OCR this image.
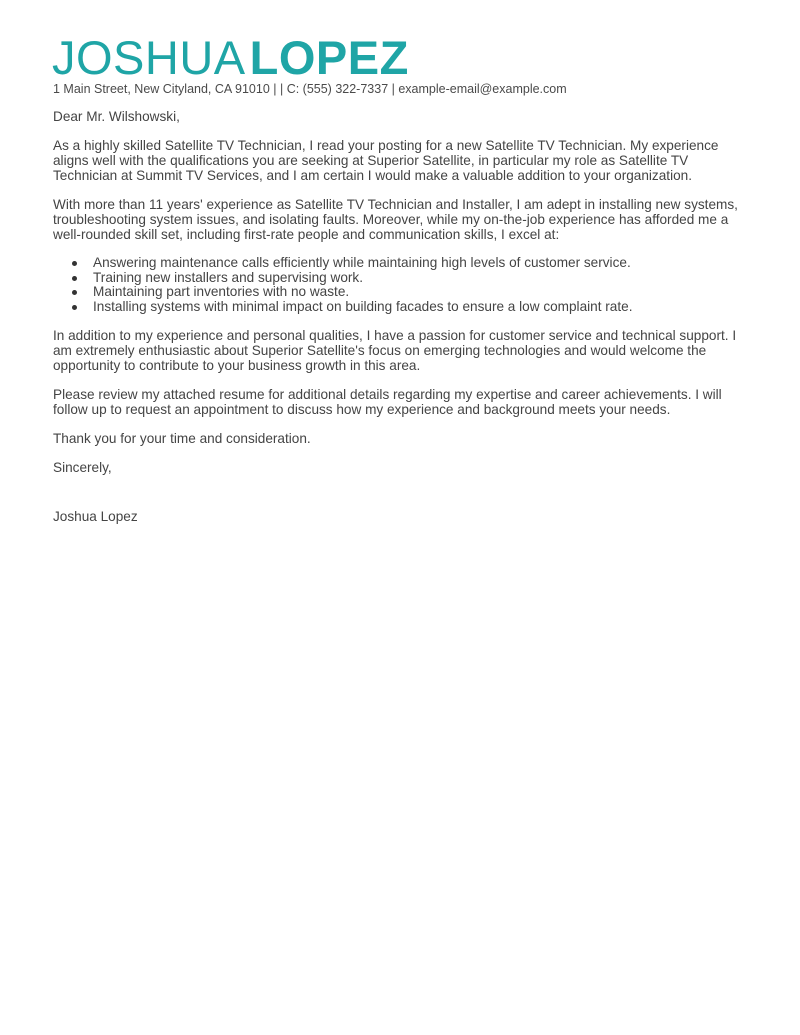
JOSHUALOPEZ
1 Main Street, New Cityland, CA 91010 | | C: (555) 322-7337 | example-email@example.com

Dear Mr. Wilshowski,

As a highly skilled Satellite TV Technician, I read your posting for a new Satellite TV Technician. My experience aligns well with the qualifications you are seeking at Superior Satellite, in particular my role as Satellite TV Technician at Summit TV Services, and I am certain I would make a valuable addition to your organization.

With more than 11 years' experience as Satellite TV Technician and Installer, I am adept in installing new systems, troubleshooting system issues, and isolating faults. Moreover, while my on-the-job experience has afforded me a well-rounded skill set, including first-rate people and communication skills, I excel at:

Answering maintenance calls efficiently while maintaining high levels of customer service.
Training new installers and supervising work.
Maintaining part inventories with no waste.
Installing systems with minimal impact on building facades to ensure a low complaint rate.

In addition to my experience and personal qualities, I have a passion for customer service and technical support. I am extremely enthusiastic about Superior Satellite's focus on emerging technologies and would welcome the opportunity to contribute to your business growth in this area.

Please review my attached resume for additional details regarding my expertise and career achievements. I will follow up to request an appointment to discuss how my experience and background meets your needs.

Thank you for your time and consideration.

Sincerely,

Joshua Lopez
